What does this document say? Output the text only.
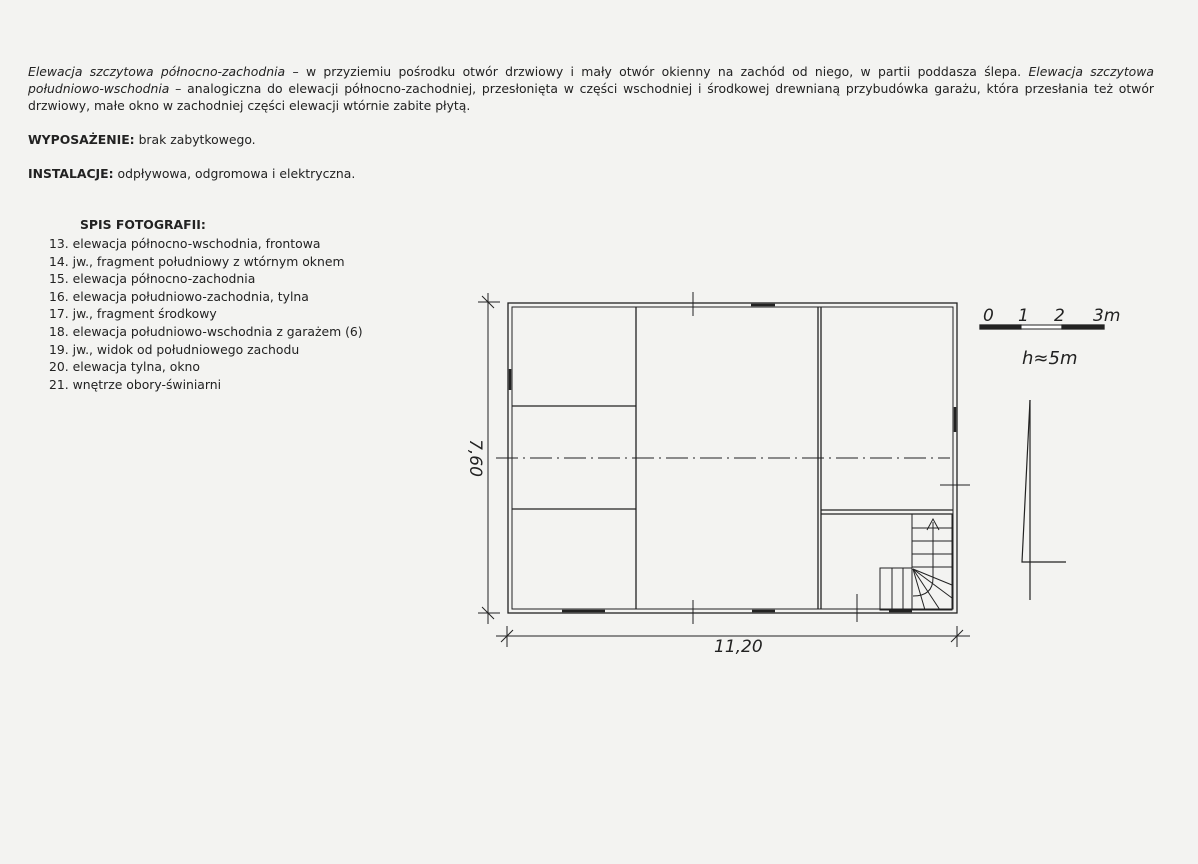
Elewacja szczytowa północno-zachodnia – w przyziemiu pośrodku otwór drzwiowy i mały otwór okienny na zachód od niego, w partii poddasza ślepa. Elewacja szczytowa południowo-wschodnia – analogiczna do elewacji północno-zachodniej, przesłonięta w części wschodniej i środkowej drewnianą przybudówka garażu, która przesłania też otwór drzwiowy, małe okno w zachodniej części elewacji wtórnie zabite płytą.
WYPOSAŻENIE: brak zabytkowego.
INSTALACJE: odpływowa, odgromowa i elektryczna.
SPIS FOTOGRAFII:
13. elewacja północno-wschodnia, frontowa
14. jw., fragment południowy z wtórnym oknem
15. elewacja północno-zachodnia
16. elewacja południowo-zachodnia, tylna
17. jw., fragment środkowy
18. elewacja południowo-wschodnia z garażem (6)
19. jw., widok od południowego zachodu
20. elewacja tylna, okno
21. wnętrze obory-świniarni
11,20
7,60
0 1 2 3m
h≈5m
